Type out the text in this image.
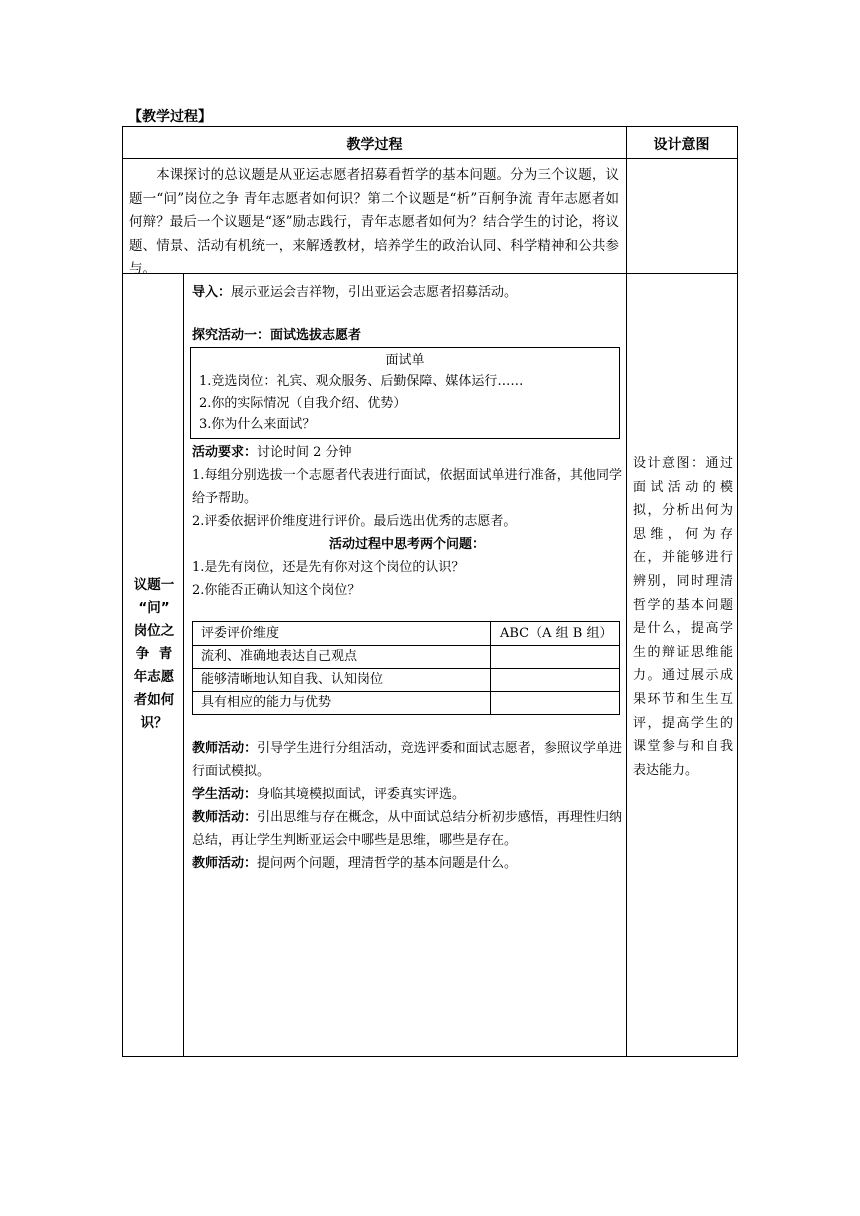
【教学过程】
教学过程	设计意图
本课探讨的总议题是从亚运志愿者招募看哲学的基本问题。分为三个议题，议题一“问”岗位之争 青年志愿者如何识？第二个议题是“析”百舸争流 青年志愿者如何辩？最后一个议题是“逐”励志践行，青年志愿者如何为？结合学生的讨论，将议题、情景、活动有机统一，来解透教材，培养学生的政治认同、科学精神和公共参与。
议题一
“问”
岗位之
争  青
年志愿
者如何
识？
导入：展示亚运会吉祥物，引出亚运会志愿者招募活动。
探究活动一：面试选拔志愿者
面试单
1.竞选岗位：礼宾、观众服务、后勤保障、媒体运行……
2.你的实际情况（自我介绍、优势）
3.你为什么来面试？
活动要求：讨论时间 2 分钟
1.每组分别选拔一个志愿者代表进行面试，依据面试单进行准备，其他同学给予帮助。
2.评委依据评价维度进行评价。最后选出优秀的志愿者。
活动过程中思考两个问题：
1.是先有岗位，还是先有你对这个岗位的认识？
2.你能否正确认知这个岗位？
评委评价维度	ABC（A 组 B 组）
流利、准确地表达自己观点
能够清晰地认知自我、认知岗位
具有相应的能力与优势
教师活动：引导学生进行分组活动，竞选评委和面试志愿者，参照议学单进行面试模拟。
学生活动：身临其境模拟面试，评委真实评选。
教师活动：引出思维与存在概念，从中面试总结分析初步感悟，再理性归纳总结，再让学生判断亚运会中哪些是思维，哪些是存在。
教师活动：提问两个问题，理清哲学的基本问题是什么。
设计意图：通过面试活动的模拟，分析出何为思维，何为存在，并能够进行辨别，同时理清哲学的基本问题是什么，提高学生的辩证思维能力。通过展示成果环节和生生互评，提高学生的课堂参与和自我表达能力。
